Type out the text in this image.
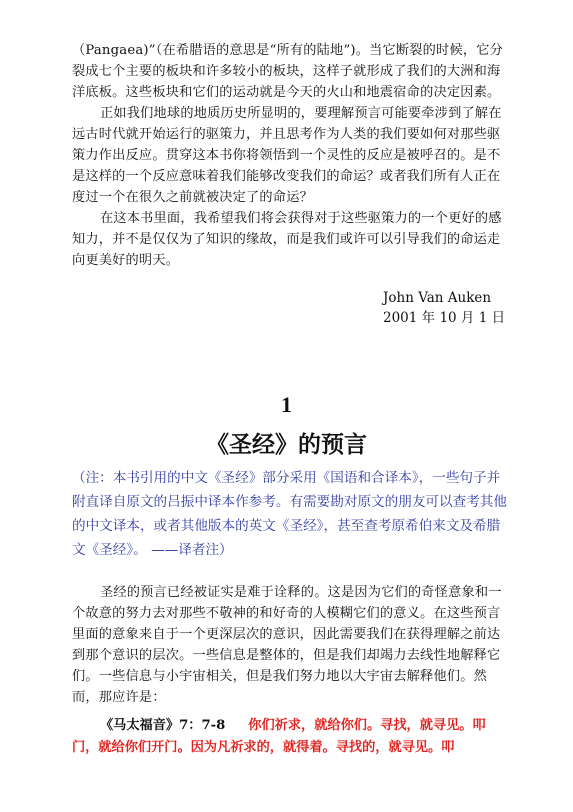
（Pangaea)”（在希腊语的意思是“所有的陆地”)。当它断裂的时候，它分裂成七个主要的板块和许多较小的板块，这样子就形成了我们的大洲和海洋底板。这些板块和它们的运动就是今天的火山和地震宿命的决定因素。

正如我们地球的地质历史所显明的，要理解预言可能要牵涉到了解在远古时代就开始运行的驱策力，并且思考作为人类的我们要如何对那些驱策力作出反应。贯穿这本书你将领悟到一个灵性的反应是被呼召的。是不是这样的一个反应意味着我们能够改变我们的命运？或者我们所有人正在度过一个在很久之前就被决定了的命运？

在这本书里面，我希望我们将会获得对于这些驱策力的一个更好的感知力，并不是仅仅为了知识的缘故，而是我们或许可以引导我们的命运走向更美好的明天。

John Van Auken
2001 年 10 月 1 日
1
《圣经》的预言
（注：本书引用的中文《圣经》部分采用《国语和合译本》，一些句子并附直译自原文的吕振中译本作参考。有需要勘对原文的朋友可以查考其他的中文译本，或者其他版本的英文《圣经》，甚至查考原希伯来文及希腊文《圣经》。 ——译者注）

圣经的预言已经被证实是难于诠释的。这是因为它们的奇怪意象和一个故意的努力去对那些不敬神的和好奇的人模糊它们的意义。在这些预言里面的意象来自于一个更深层次的意识，因此需要我们在获得理解之前达到那个意识的层次。一些信息是整体的，但是我们却竭力去线性地解释它们。一些信息与小宇宙相关，但是我们努力地以大宇宙去解释他们。然而，那应许是：

《马太福音》7：7-8 你们祈求，就给你们。寻找，就寻见。叩门，就给你们开门。因为凡祈求的，就得着。寻找的，就寻见。叩
